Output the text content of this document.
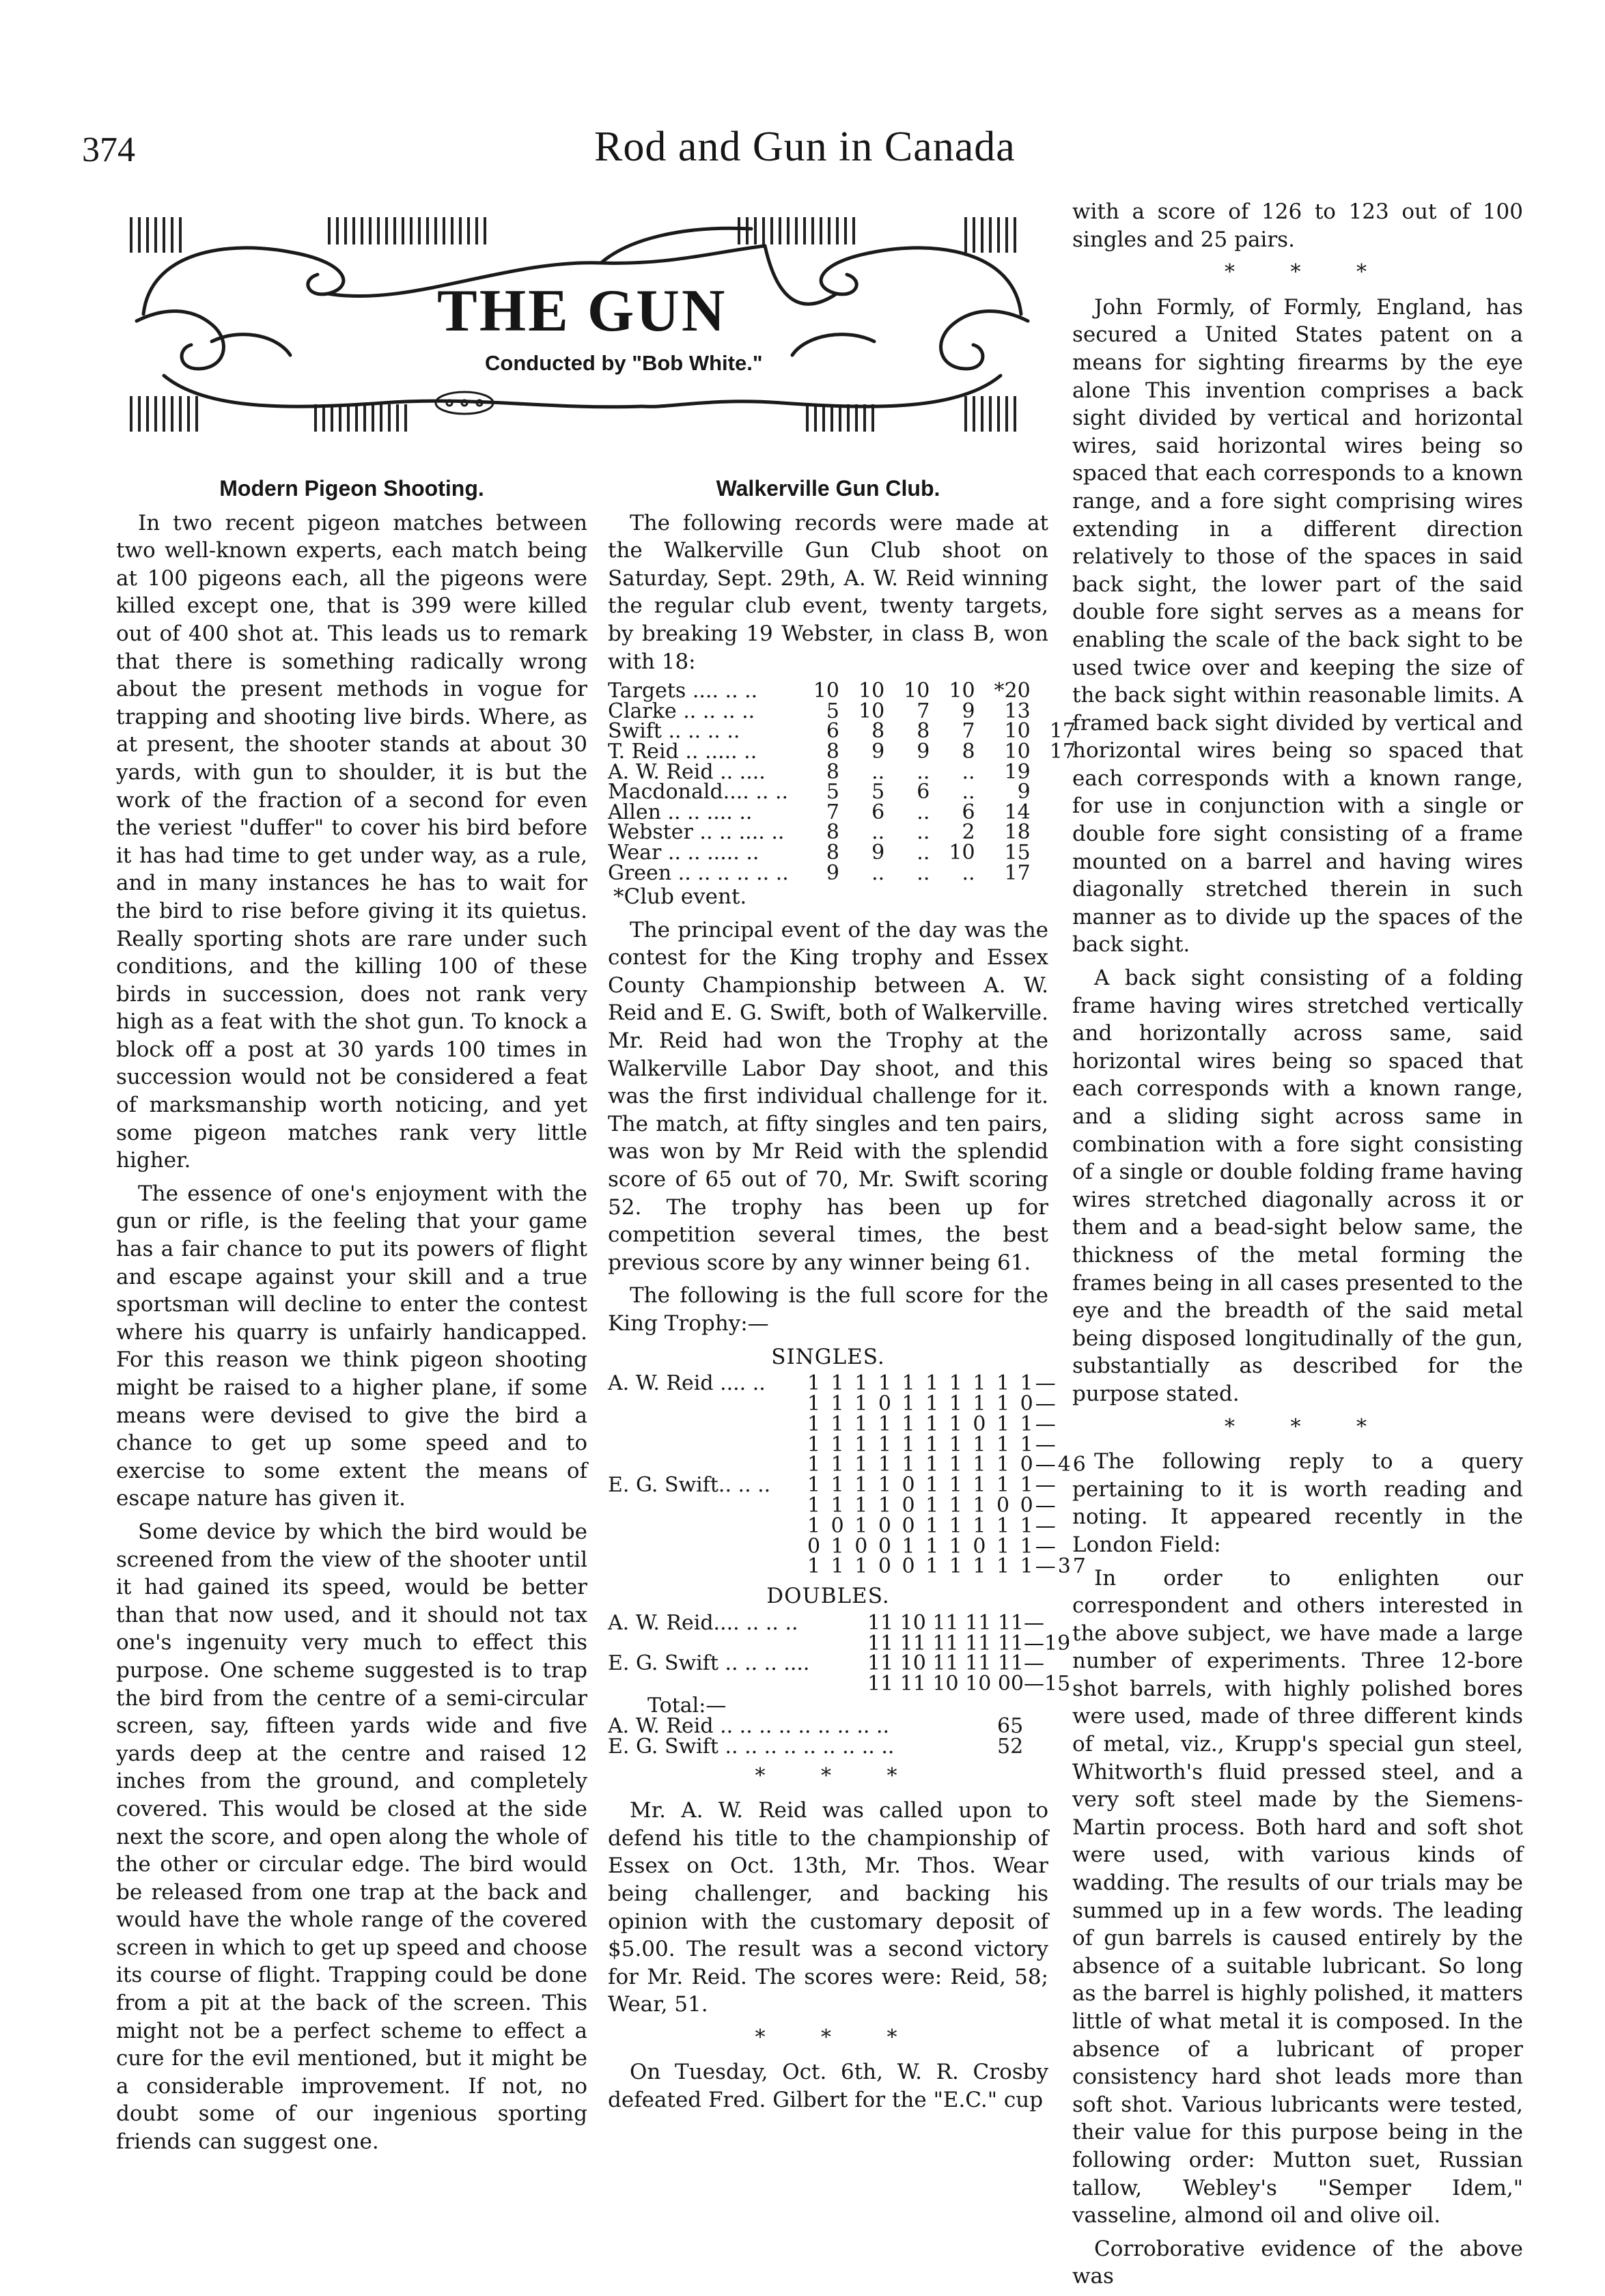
374	Rod and Gun in Canada
THE GUN
Conducted by "Bob White."
Modern Pigeon Shooting.

In two recent pigeon matches between two well-known experts, each match being at 100 pigeons each, all the pigeons were killed except one, that is 399 were killed out of 400 shot at. This leads us to remark that there is something radically wrong about the present methods in vogue for trapping and shooting live birds. Where, as at present, the shooter stands at about 30 yards, with gun to shoulder, it is but the work of the fraction of a second for even the veriest "duffer" to cover his bird before it has had time to get under way, as a rule, and in many instances he has to wait for the bird to rise before giving it its quietus. Really sporting shots are rare under such conditions, and the killing 100 of these birds in succession, does not rank very high as a feat with the shot gun. To knock a block off a post at 30 yards 100 times in succession would not be considered a feat of marksmanship worth noticing, and yet some pigeon matches rank very little higher.

The essence of one's enjoyment with the gun or rifle, is the feeling that your game has a fair chance to put its powers of flight and escape against your skill and a true sportsman will decline to enter the contest where his quarry is unfairly handicapped. For this reason we think pigeon shooting might be raised to a higher plane, if some means were devised to give the bird a chance to get up some speed and to exercise to some extent the means of escape nature has given it.

Some device by which the bird would be screened from the view of the shooter until it had gained its speed, would be better than that now used, and it should not tax one's ingenuity very much to effect this purpose. One scheme suggested is to trap the bird from the centre of a semi-circular screen, say, fifteen yards wide and five yards deep at the centre and raised 12 inches from the ground, and completely covered. This would be closed at the side next the score, and open along the whole of the other or circular edge. The bird would be released from one trap at the back and would have the whole range of the covered screen in which to get up speed and choose its course of flight. Trapping could be done from a pit at the back of the screen. This might not be a perfect scheme to effect a cure for the evil mentioned, but it might be a considerable improvement. If not, no doubt some of our ingenious sporting friends can suggest one.

Walkerville Gun Club.

The following records were made at the Walkerville Gun Club shoot on Saturday, Sept. 29th, A. W. Reid winning the regular club event, twenty targets, by breaking 19 Webster, in class B, won with 18:

Targets .... .. ..	10	10	10	10	*20	
Clarke .. .. .. ..	5	10	7	9	13	
Swift .. .. .. ..	6	8	8	7	10	17
T. Reid .. ..... ..	8	9	9	8	10	17
A. W. Reid .. ....	8	..	..	..	19	
Macdonald.... .. ..	5	5	6	..	9	
Allen .. .. .... ..	7	6	..	6	14	
Webster .. .. .... ..	8	..	..	2	18	
Wear .. .. ..... ..	8	9	..	10	15	
Green .. .. .. .. .. ..	9	..	..	..	17	

*Club event.

The principal event of the day was the contest for the King trophy and Essex County Championship between A. W. Reid and E. G. Swift, both of Walkerville. Mr. Reid had won the Trophy at the Walkerville Labor Day shoot, and this was the first individual challenge for it. The match, at fifty singles and ten pairs, was won by Mr Reid with the splendid score of 65 out of 70, Mr. Swift scoring 52. The trophy has been up for competition several times, the best previous score by any winner being 61.

The following is the full score for the King Trophy:—

SINGLES.
A. W. Reid .... ..	1 1 1 1 1 1 1 1 1 1—
1 1 1 0 1 1 1 1 1 0—
1 1 1 1 1 1 1 0 1 1—
1 1 1 1 1 1 1 1 1 1—
1 1 1 1 1 1 1 1 1 0—46
E. G. Swift.. .. ..	1 1 1 1 0 1 1 1 1 1—
1 1 1 1 0 1 1 1 0 0—
1 0 1 0 0 1 1 1 1 1—
0 1 0 0 1 1 1 0 1 1—
1 1 1 0 0 1 1 1 1 1—37
DOUBLES.
A. W. Reid.... .. .. ..	11 10 11 11 11—
11 11 11 11 11—19
E. G. Swift .. .. .. ....	11 10 11 11 11—
11 11 10 10 00—15
Total:—
A. W. Reid .. .. .. .. .. .. .. .. ..	65
E. G. Swift .. .. .. .. .. .. .. .. ..	52
* * *

Mr. A. W. Reid was called upon to defend his title to the championship of Essex on Oct. 13th, Mr. Thos. Wear being challenger, and backing his opinion with the customary deposit of $5.00. The result was a second victory for Mr. Reid. The scores were: Reid, 58; Wear, 51.

* * *

On Tuesday, Oct. 6th, W. R. Crosby defeated Fred. Gilbert for the "E.C." cup

with a score of 126 to 123 out of 100 singles and 25 pairs.

* * *

John Formly, of Formly, England, has secured a United States patent on a means for sighting firearms by the eye alone This invention comprises a back sight divided by vertical and horizontal wires, said horizontal wires being so spaced that each corresponds to a known range, and a fore sight comprising wires extending in a different direction relatively to those of the spaces in said back sight, the lower part of the said double fore sight serves as a means for enabling the scale of the back sight to be used twice over and keeping the size of the back sight within reasonable limits. A framed back sight divided by vertical and horizontal wires being so spaced that each corresponds with a known range, for use in conjunction with a single or double fore sight consisting of a frame mounted on a barrel and having wires diagonally stretched therein in such manner as to divide up the spaces of the back sight.

A back sight consisting of a folding frame having wires stretched vertically and horizontally across same, said horizontal wires being so spaced that each corresponds with a known range, and a sliding sight across same in combination with a fore sight consisting of a single or double folding frame having wires stretched diagonally across it or them and a bead-sight below same, the thickness of the metal forming the frames being in all cases presented to the eye and the breadth of the said metal being disposed longitudinally of the gun, substantially as described for the purpose stated.

* * *

The following reply to a query pertaining to it is worth reading and noting. It appeared recently in the London Field:

In order to enlighten our correspondent and others interested in the above subject, we have made a large number of experiments. Three 12-bore shot barrels, with highly polished bores were used, made of three different kinds of metal, viz., Krupp's special gun steel, Whitworth's fluid pressed steel, and a very soft steel made by the Siemens-Martin process. Both hard and soft shot were used, with various kinds of wadding. The results of our trials may be summed up in a few words. The leading of gun barrels is caused entirely by the absence of a suitable lubricant. So long as the barrel is highly polished, it matters little of what metal it is composed. In the absence of a lubricant of proper consistency hard shot leads more than soft shot. Various lubricants were tested, their value for this purpose being in the following order: Mutton suet, Russian tallow, Webley's "Semper Idem," vasseline, almond oil and olive oil.

Corroborative evidence of the above was
